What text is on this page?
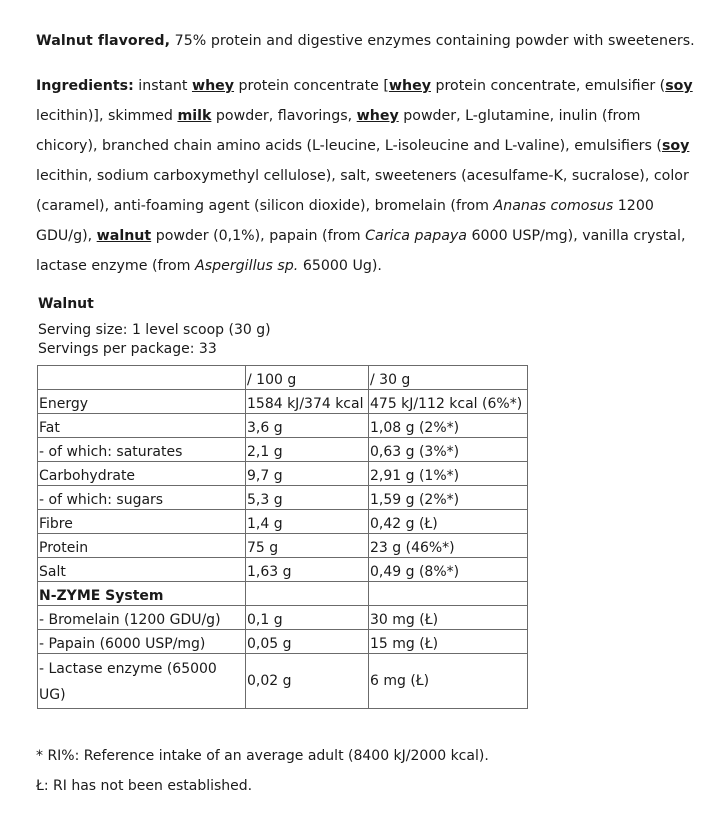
Walnut flavored, 75% protein and digestive enzymes containing powder with sweeteners.
Ingredients: instant whey protein concentrate [whey protein concentrate, emulsifier (soy lecithin)], skimmed milk powder, flavorings, whey powder, L-glutamine, inulin (from chicory), branched chain amino acids (L-leucine, L-isoleucine and L-valine), emulsifiers (soy lecithin, sodium carboxymethyl cellulose), salt, sweeteners (acesulfame-K, sucralose), color (caramel), anti-foaming agent (silicon dioxide), bromelain (from Ananas comosus 1200 GDU/g), walnut powder (0,1%), papain (from Carica papaya 6000 USP/mg), vanilla crystal, lactase enzyme (from Aspergillus sp. 65000 Ug).
Walnut
Serving size: 1 level scoop (30 g)
Servings per package: 33
	/ 100 g	/ 30 g
Energy	1584 kJ/374 kcal	475 kJ/112 kcal (6%*)
Fat	3,6 g	1,08 g (2%*)
- of which: saturates	2,1 g	0,63 g (3%*)
Carbohydrate	9,7 g	2,91 g (1%*)
- of which: sugars	5,3 g	1,59 g (2%*)
Fibre	1,4 g	0,42 g (Ł)
Protein	75 g	23 g (46%*)
Salt	1,63 g	0,49 g (8%*)
N-ZYME System		
- Bromelain (1200 GDU/g)	0,1 g	30 mg (Ł)
- Papain (6000 USP/mg)	0,05 g	15 mg (Ł)
- Lactase enzyme (65000 UG)	0,02 g	6 mg (Ł)
* RI%: Reference intake of an average adult (8400 kJ/2000 kcal).
Ł: RI has not been established.
